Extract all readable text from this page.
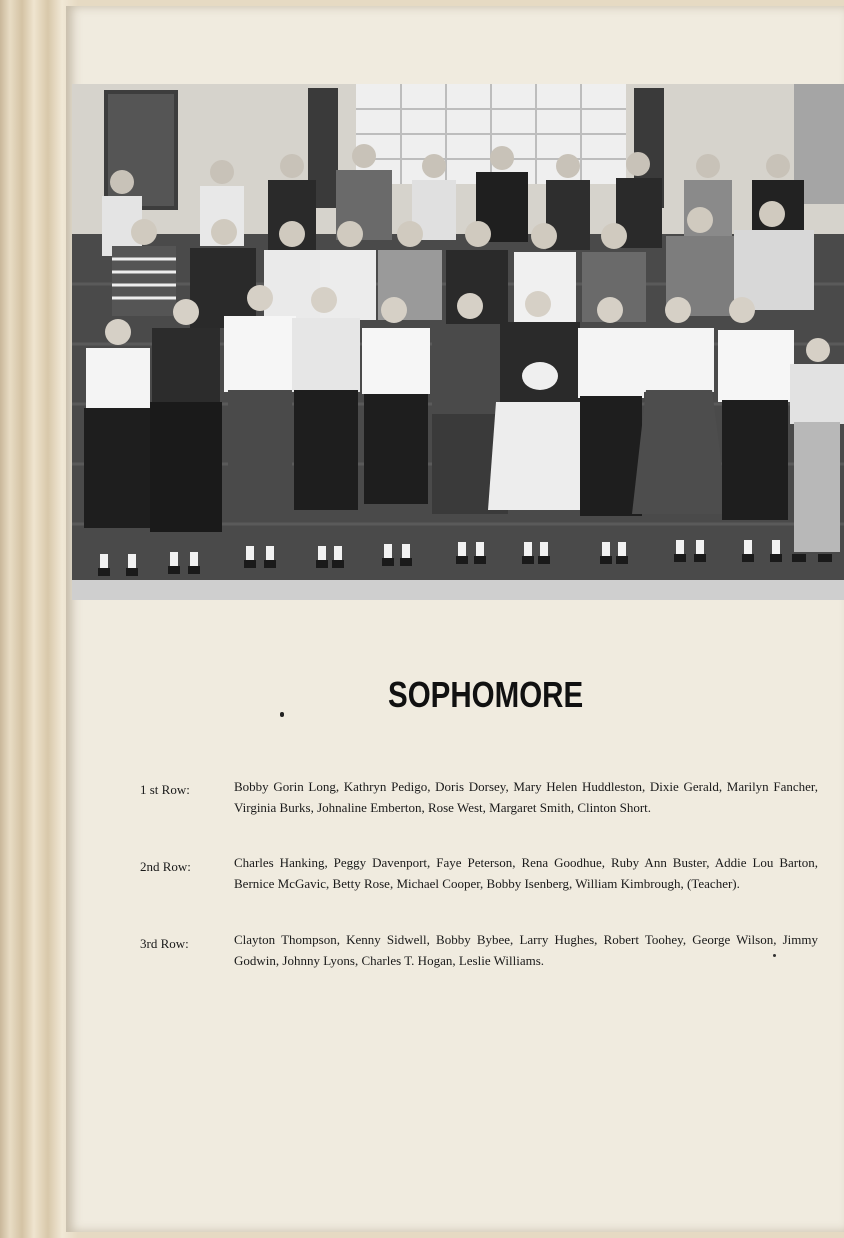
SOPHOMORE
1 st Row:	Bobby Gorin Long, Kathryn Pedigo, Doris Dorsey, Mary Helen Huddleston, Dixie Gerald, Marilyn Fancher, Virginia Burks, Johnaline Emberton, Rose West, Margaret Smith, Clinton Short.
2nd Row:	Charles Hanking, Peggy Davenport, Faye Peterson, Rena Goodhue, Ruby Ann Buster, Addie Lou Barton, Bernice McGavic, Betty Rose, Michael Cooper, Bobby Isenberg, William Kimbrough, (Teacher).
3rd Row:	Clayton Thompson, Kenny Sidwell, Bobby Bybee, Larry Hughes, Robert Toohey, George Wilson, Jimmy Godwin, Johnny Lyons, Charles T. Hogan, Leslie Williams.
